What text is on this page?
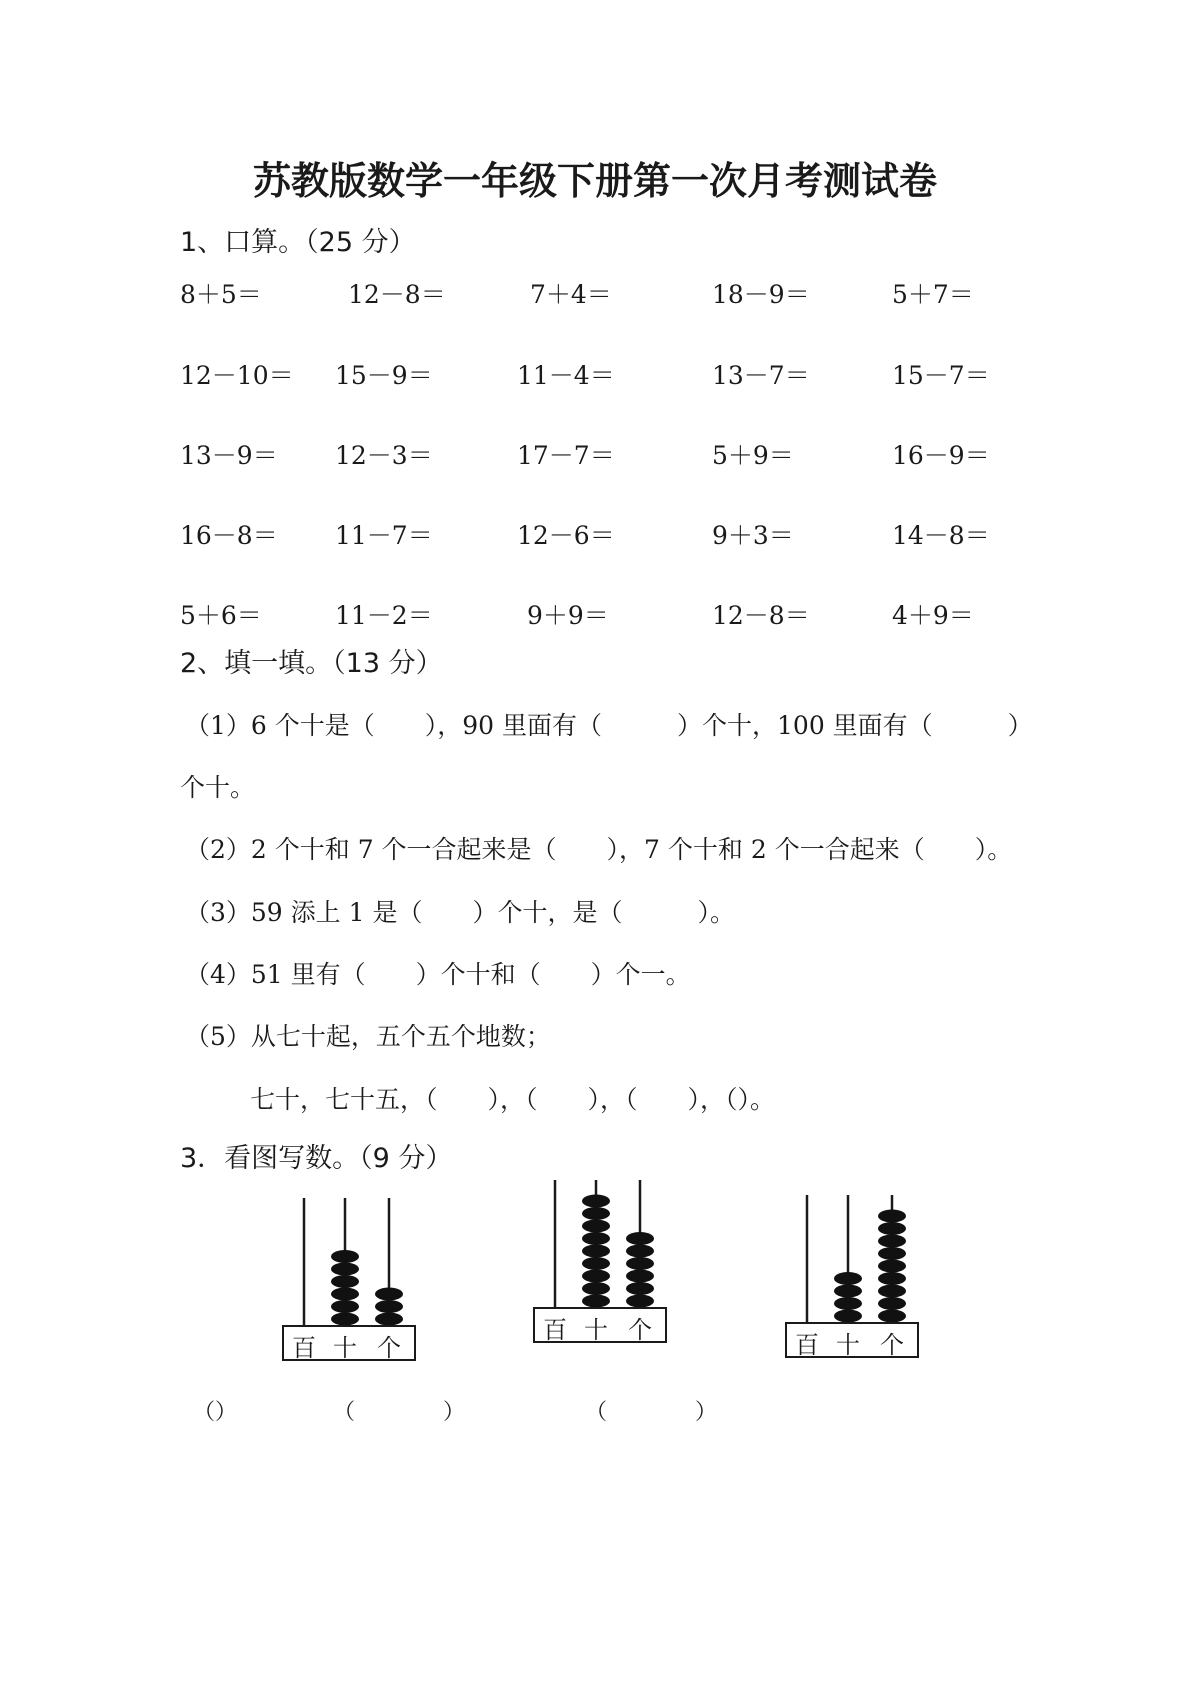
苏教版数学一年级下册第一次月考测试卷
1、口算。（25 分）
8＋5＝	12－8＝	7＋4＝	18－9＝	5＋7＝
12－10＝ 15－9＝	11－4＝	13－7＝	15－7＝
13－9＝ 12－3＝	17－7＝	5＋9＝	16－9＝
16－8＝ 11－7＝	12－6＝	9＋3＝	14－8＝
5＋6＝	11－2＝	9＋9＝	12－8＝	4＋9＝
2、填一填。（13 分）
（1）6 个十是（　　），90 里面有（　　　）个十，100 里面有（　　　）
个十。
（2）2 个十和 7 个一合起来是（　　），7 个十和 2 个一合起来（　　）。
（3）59 添上 1 是（　　）个十，是（　　　）。
（4）51 里有（　　）个十和（　　）个一。
（5）从七十起，五个五个地数；
七十，七十五，（　　），（　　），（　　），（）。
3．看图写数。（9 分）
百 十 个
百 十 个
百 十 个
（）	（　　　　）	（　　　　）
